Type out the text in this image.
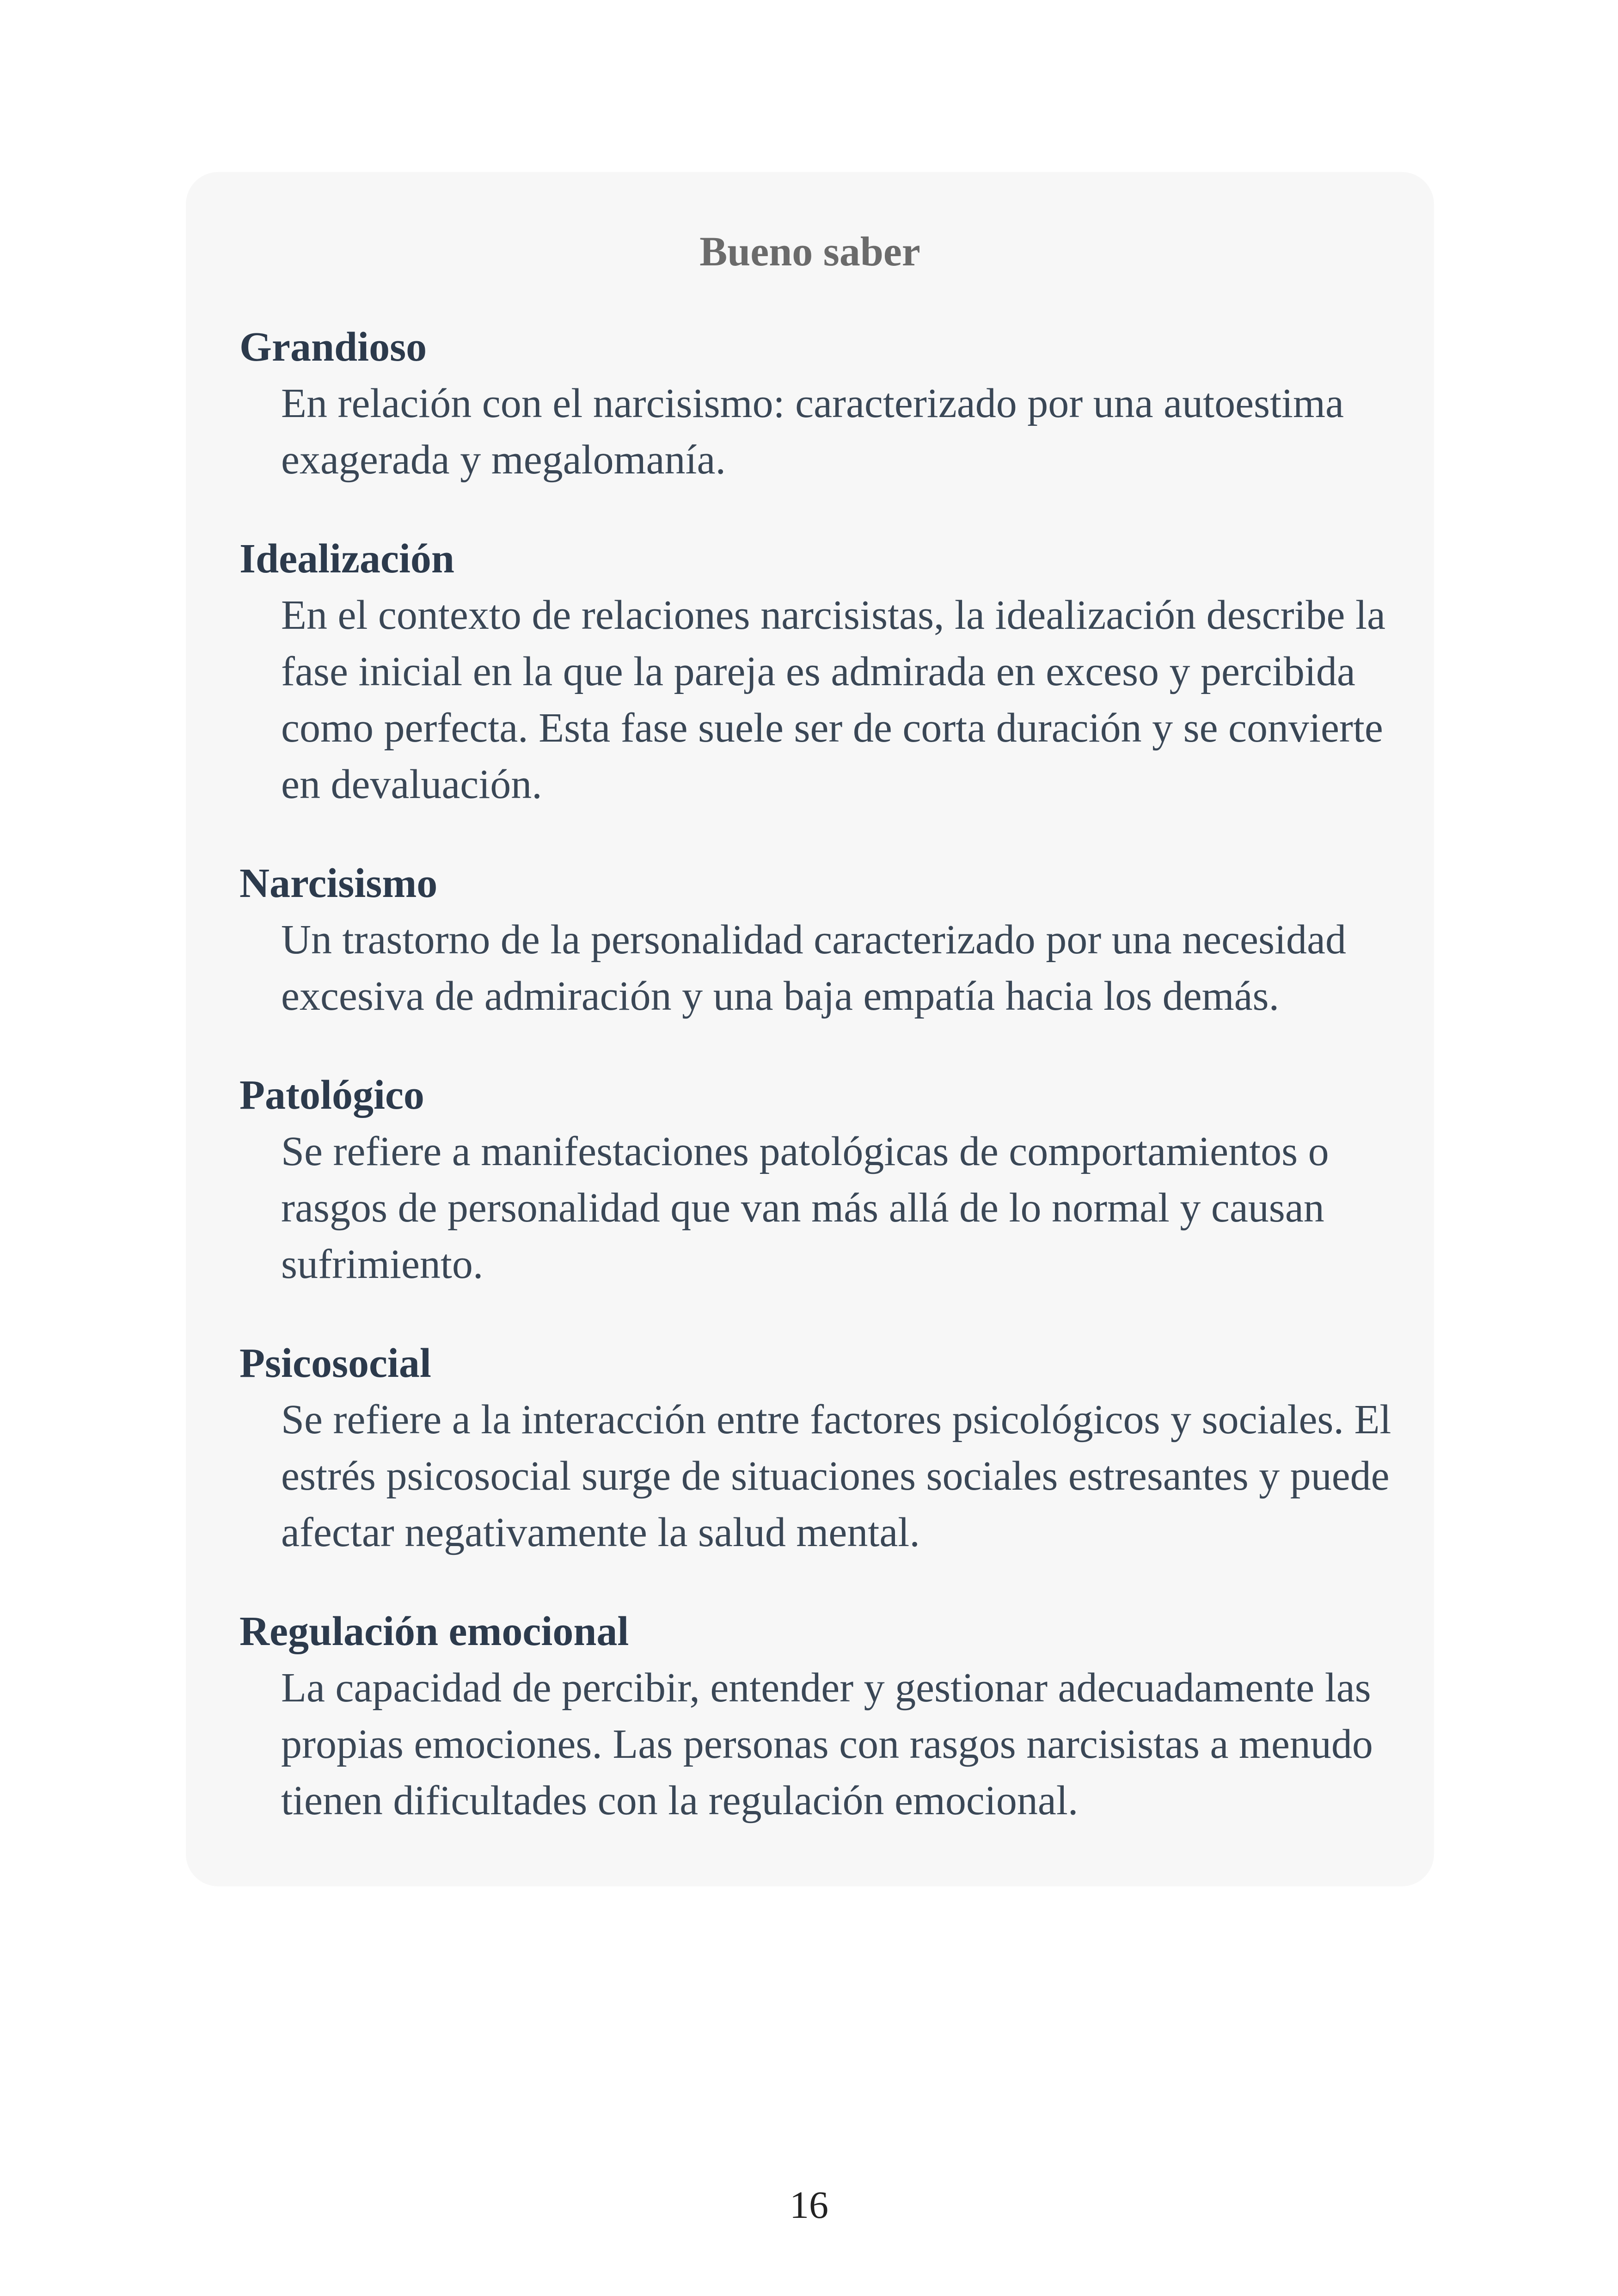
Bueno saber
Grandioso
En relación con el narcisismo: caracterizado por una autoestima exagerada y megalomanía.
Idealización
En el contexto de relaciones narcisistas, la idealización describe la fase inicial en la que la pareja es admirada en exceso y percibida como perfecta. Esta fase suele ser de corta duración y se convierte en devaluación.
Narcisismo
Un trastorno de la personalidad caracterizado por una necesidad excesiva de admiración y una baja empatía hacia los demás.
Patológico
Se refiere a manifestaciones patológicas de comportamientos o rasgos de personalidad que van más allá de lo normal y causan sufrimiento.
Psicosocial
Se refiere a la interacción entre factores psicológicos y sociales. El estrés psicosocial surge de situaciones sociales estresantes y puede afectar negativamente la salud mental.
Regulación emocional
La capacidad de percibir, entender y gestionar adecuadamente las propias emociones. Las personas con rasgos narcisistas a menudo tienen dificultades con la regulación emocional.
16
